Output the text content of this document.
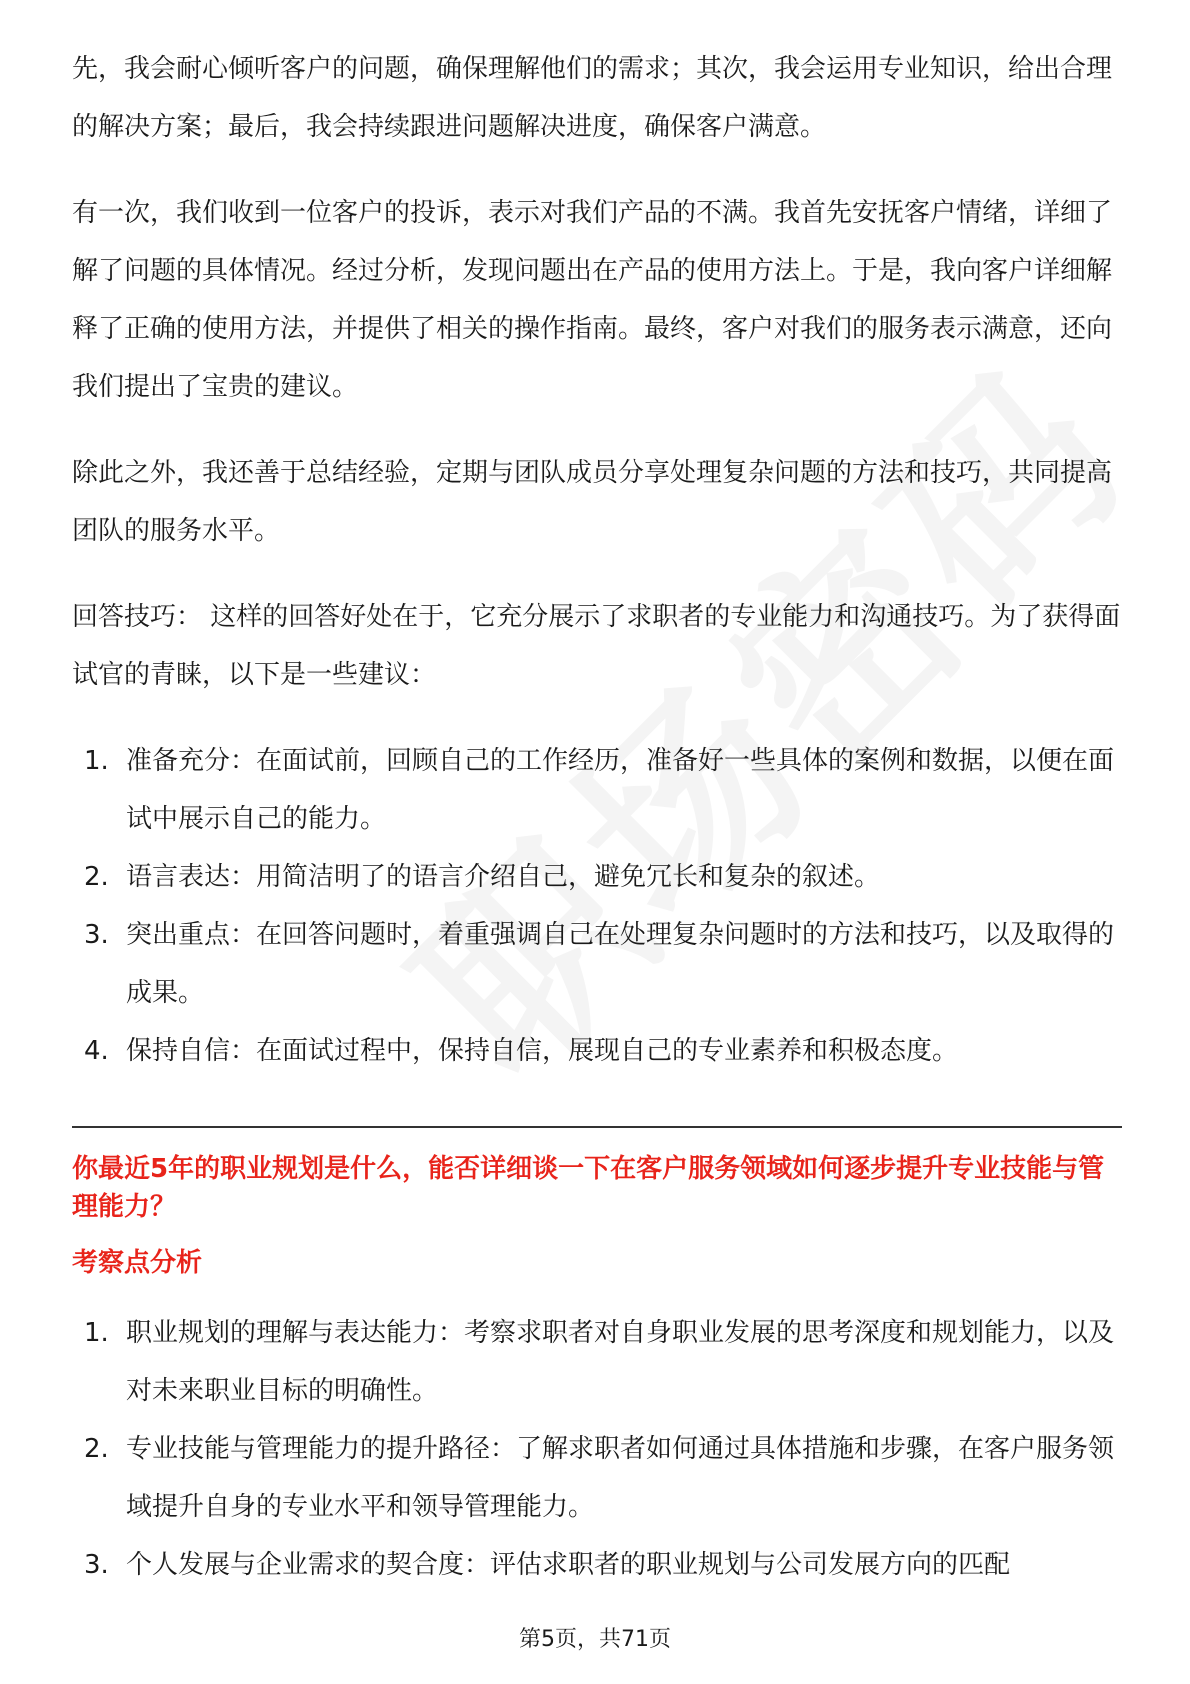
先，我会耐心倾听客户的问题，确保理解他们的需求；其次，我会运用专业知识，给出合理的解决方案；最后，我会持续跟进问题解决进度，确保客户满意。

有一次，我们收到一位客户的投诉，表示对我们产品的不满。我首先安抚客户情绪，详细了解了问题的具体情况。经过分析，发现问题出在产品的使用方法上。于是，我向客户详细解释了正确的使用方法，并提供了相关的操作指南。最终，客户对我们的服务表示满意，还向我们提出了宝贵的建议。

除此之外，我还善于总结经验，定期与团队成员分享处理复杂问题的方法和技巧，共同提高团队的服务水平。

回答技巧： 这样的回答好处在于，它充分展示了求职者的专业能力和沟通技巧。为了获得面试官的青睐，以下是一些建议：

1. 准备充分：在面试前，回顾自己的工作经历，准备好一些具体的案例和数据，以便在面试中展示自己的能力。
2. 语言表达：用简洁明了的语言介绍自己，避免冗长和复杂的叙述。
3. 突出重点：在回答问题时，着重强调自己在处理复杂问题时的方法和技巧，以及取得的成果。
4. 保持自信：在面试过程中，保持自信，展现自己的专业素养和积极态度。

你最近5年的职业规划是什么，能否详细谈一下在客户服务领域如何逐步提升专业技能与管理能力？

考察点分析

1. 职业规划的理解与表达能力：考察求职者对自身职业发展的思考深度和规划能力，以及对未来职业目标的明确性。
2. 专业技能与管理能力的提升路径：了解求职者如何通过具体措施和步骤，在客户服务领域提升自身的专业水平和领导管理能力。
3. 个人发展与企业需求的契合度：评估求职者的职业规划与公司发展方向的匹配
第5页，共71页
